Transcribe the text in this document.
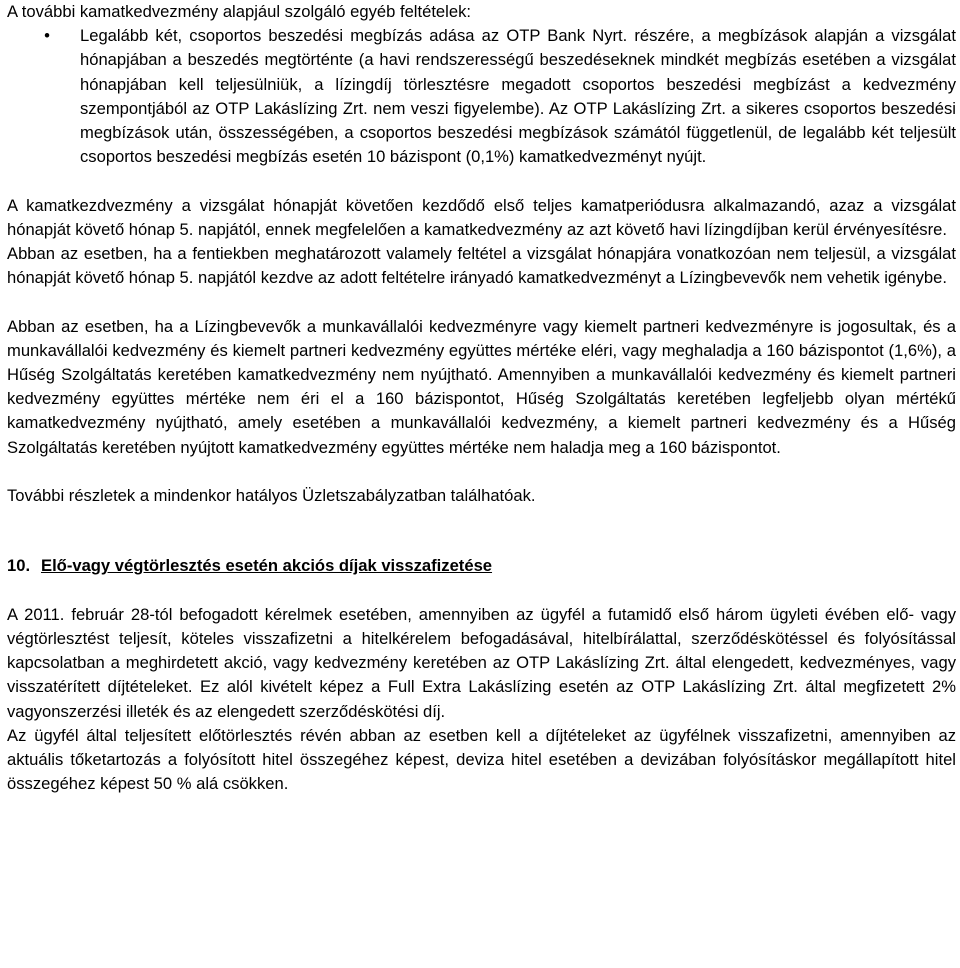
A további kamatkedvezmény alapjául szolgáló egyéb feltételek:

• Legalább két, csoportos beszedési megbízás adása az OTP Bank Nyrt. részére, a megbízások alapján a vizsgálat hónapjában a beszedés megtörténte (a havi rendszerességű beszedéseknek mindkét megbízás esetében a vizsgálat hónapjában kell teljesülniük, a lízingdíj törlesztésre megadott csoportos beszedési megbízást a kedvezmény szempontjából az OTP Lakáslízing Zrt. nem veszi figyelembe). Az OTP Lakáslízing Zrt. a sikeres csoportos beszedési megbízások után, összességében, a csoportos beszedési megbízások számától függetlenül, de legalább két teljesült csoportos beszedési megbízás esetén 10 bázispont (0,1%) kamatkedvezményt nyújt.

A kamatkezdvezmény a vizsgálat hónapját követően kezdődő első teljes kamatperiódusra alkalmazandó, azaz a vizsgálat hónapját követő hónap 5. napjától, ennek megfelelően a kamatkedvezmény az azt követő havi lízingdíjban kerül érvényesítésre.

Abban az esetben, ha a fentiekben meghatározott valamely feltétel a vizsgálat hónapjára vonatkozóan nem teljesül, a vizsgálat hónapját követő hónap 5. napjától kezdve az adott feltételre irányadó kamatkedvezményt a Lízingbevevők nem vehetik igénybe.

Abban az esetben, ha a Lízingbevevők a munkavállalói kedvezményre vagy kiemelt partneri kedvezményre is jogosultak, és a munkavállalói kedvezmény és kiemelt partneri kedvezmény együttes mértéke eléri, vagy meghaladja a 160 bázispontot (1,6%), a Hűség Szolgáltatás keretében kamatkedvezmény nem nyújtható. Amennyiben a munkavállalói kedvezmény és kiemelt partneri kedvezmény együttes mértéke nem éri el a 160 bázispontot, Hűség Szolgáltatás keretében legfeljebb olyan mértékű kamatkedvezmény nyújtható, amely esetében a munkavállalói kedvezmény, a kiemelt partneri kedvezmény és a Hűség Szolgáltatás keretében nyújtott kamatkedvezmény együttes mértéke nem haladja meg a 160 bázispontot.

További részletek a mindenkor hatályos Üzletszabályzatban találhatóak.

10. Elő-vagy végtörlesztés esetén akciós díjak visszafizetése

A 2011. február 28-tól befogadott kérelmek esetében, amennyiben az ügyfél a futamidő első három ügyleti évében elő- vagy végtörlesztést teljesít, köteles visszafizetni a hitelkérelem befogadásával, hitelbírálattal, szerződéskötéssel és folyósítással kapcsolatban a meghirdetett akció, vagy kedvezmény keretében az OTP Lakáslízing Zrt. által elengedett, kedvezményes, vagy visszatérített díjtételeket. Ez alól kivételt képez a Full Extra Lakáslízing esetén az OTP Lakáslízing Zrt. által megfizetett 2% vagyonszerzési illeték és az elengedett szerződéskötési díj.

Az ügyfél által teljesített előtörlesztés révén abban az esetben kell a díjtételeket az ügyfélnek visszafizetni, amennyiben az aktuális tőketartozás a folyósított hitel összegéhez képest, deviza hitel esetében a devizában folyósításkor megállapított hitel összegéhez képest 50 % alá csökken.
